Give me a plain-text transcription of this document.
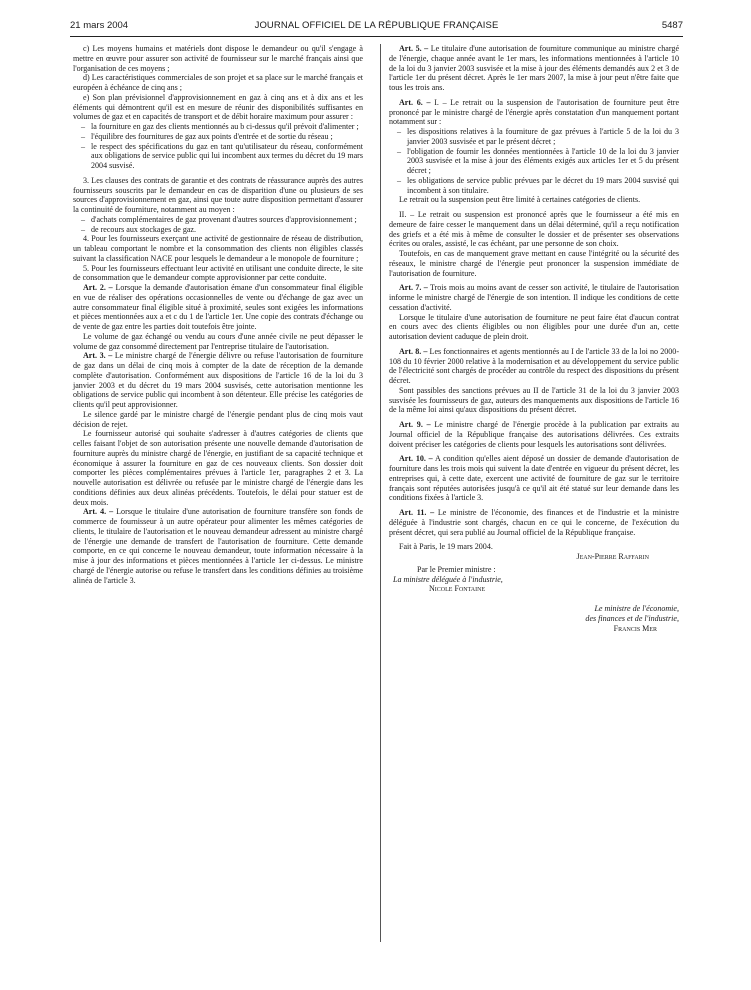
21 mars 2004	JOURNAL OFFICIEL DE LA RÉPUBLIQUE FRANÇAISE	5487

c) Les moyens humains et matériels dont dispose le demandeur ou qu'il s'engage à mettre en œuvre pour assurer son activité de fournisseur sur le marché français ainsi que l'organisation de ces moyens ;

d) Les caractéristiques commerciales de son projet et sa place sur le marché français et européen à échéance de cinq ans ;

e) Son plan prévisionnel d'approvisionnement en gaz à cinq ans et à dix ans et les éléments qui démontrent qu'il est en mesure de réunir des disponibilités suffisantes en volumes de gaz et en capacités de transport et de débit horaire maximum pour assurer :

– la fourniture en gaz des clients mentionnés au b ci-dessus qu'il prévoit d'alimenter ;

– l'équilibre des fournitures de gaz aux points d'entrée et de sortie du réseau ;

– le respect des spécifications du gaz en tant qu'utilisateur du réseau, conformément aux obligations de service public qui lui incombent aux termes du décret du 19 mars 2004 susvisé.

3. Les clauses des contrats de garantie et des contrats de réassurance auprès des autres fournisseurs souscrits par le demandeur en cas de disparition d'une ou plusieurs de ses sources d'approvisionnement en gaz, ainsi que toute autre disposition permettant d'assurer la continuité de fourniture, notamment au moyen :

– d'achats complémentaires de gaz provenant d'autres sources d'approvisionnement ;

– de recours aux stockages de gaz.

4. Pour les fournisseurs exerçant une activité de gestionnaire de réseau de distribution, un tableau comportant le nombre et la consommation des clients non éligibles classés suivant la classification NACE pour lesquels le demandeur a le monopole de fourniture ;

5. Pour les fournisseurs effectuant leur activité en utilisant une conduite directe, le site de consommation que le demandeur compte approvisionner par cette conduite.

Art. 2. – Lorsque la demande d'autorisation émane d'un consommateur final éligible en vue de réaliser des opérations occasionnelles de vente ou d'échange de gaz avec un autre consommateur final éligible situé à proximité, seules sont exigées les informations et pièces mentionnées aux a et c du 1 de l'article 1er. Une copie des contrats d'échange ou de vente de gaz entre les parties doit toutefois être jointe.

Le volume de gaz échangé ou vendu au cours d'une année civile ne peut dépasser le volume de gaz consommé directement par l'entreprise titulaire de l'autorisation.

Art. 3. – Le ministre chargé de l'énergie délivre ou refuse l'autorisation de fourniture de gaz dans un délai de cinq mois à compter de la date de réception de la demande complète d'autorisation. Conformément aux dispositions de l'article 16 de la loi du 3 janvier 2003 et du décret du 19 mars 2004 susvisés, cette autorisation mentionne les obligations de service public qui incombent à son détenteur. Elle précise les catégories de clients qu'il peut approvisionner.

Le silence gardé par le ministre chargé de l'énergie pendant plus de cinq mois vaut décision de rejet.

Le fournisseur autorisé qui souhaite s'adresser à d'autres catégories de clients que celles faisant l'objet de son autorisation présente une nouvelle demande d'autorisation de fourniture auprès du ministre chargé de l'énergie, en justifiant de sa capacité technique et économique à assurer la fourniture en gaz de ces nouveaux clients. Son dossier doit comporter les pièces complémentaires prévues à l'article 1er, paragraphes 2 et 3. La nouvelle autorisation est délivrée ou refusée par le ministre chargé de l'énergie dans les conditions définies aux deux alinéas précédents. Toutefois, le délai pour statuer est de deux mois.

Art. 4. – Lorsque le titulaire d'une autorisation de fourniture transfère son fonds de commerce de fournisseur à un autre opérateur pour alimenter les mêmes catégories de clients, le titulaire de l'autorisation et le nouveau demandeur adressent au ministre chargé de l'énergie une demande de transfert de l'autorisation de fourniture. Cette demande comporte, en ce qui concerne le nouveau demandeur, toute information nécessaire à la mise à jour des informations et pièces mentionnées à l'article 1er ci-dessus. Le ministre chargé de l'énergie autorise ou refuse le transfert dans les conditions définies au troisième alinéa de l'article 3.

Art. 5. – Le titulaire d'une autorisation de fourniture communique au ministre chargé de l'énergie, chaque année avant le 1er mars, les informations mentionnées à l'article 10 de la loi du 3 janvier 2003 susvisée et la mise à jour des éléments demandés aux 2 et 3 de l'article 1er du présent décret. Après le 1er mars 2007, la mise à jour peut n'être faite que tous les trois ans.

Art. 6. – I. – Le retrait ou la suspension de l'autorisation de fourniture peut être prononcé par le ministre chargé de l'énergie après constatation d'un manquement portant notamment sur :

– les dispositions relatives à la fourniture de gaz prévues à l'article 5 de la loi du 3 janvier 2003 susvisée et par le présent décret ;

– l'obligation de fournir les données mentionnées à l'article 10 de la loi du 3 janvier 2003 susvisée et la mise à jour des éléments exigés aux articles 1er et 5 du présent décret ;

– les obligations de service public prévues par le décret du 19 mars 2004 susvisé qui incombent à son titulaire.

Le retrait ou la suspension peut être limité à certaines catégories de clients.

II. – Le retrait ou suspension est prononcé après que le fournisseur a été mis en demeure de faire cesser le manquement dans un délai déterminé, qu'il a reçu notification des griefs et a été mis à même de consulter le dossier et de présenter ses observations écrites ou orales, assisté, le cas échéant, par une personne de son choix.

Toutefois, en cas de manquement grave mettant en cause l'intégrité ou la sécurité des réseaux, le ministre chargé de l'énergie peut prononcer la suspension immédiate de l'autorisation de fourniture.

Art. 7. – Trois mois au moins avant de cesser son activité, le titulaire de l'autorisation informe le ministre chargé de l'énergie de son intention. Il indique les conditions de cette cessation d'activité.

Lorsque le titulaire d'une autorisation de fourniture ne peut faire état d'aucun contrat en cours avec des clients éligibles ou non éligibles pour une durée d'un an, cette autorisation devient caduque de plein droit.

Art. 8. – Les fonctionnaires et agents mentionnés au I de l'article 33 de la loi no 2000-108 du 10 février 2000 relative à la modernisation et au développement du service public de l'électricité sont chargés de procéder au contrôle du respect des dispositions du présent décret.

Sont passibles des sanctions prévues au II de l'article 31 de la loi du 3 janvier 2003 susvisée les fournisseurs de gaz, auteurs des manquements aux dispositions de l'article 16 de la même loi ainsi qu'aux dispositions du présent décret.

Art. 9. – Le ministre chargé de l'énergie procède à la publication par extraits au Journal officiel de la République française des autorisations délivrées. Ces extraits doivent préciser les catégories de clients pour lesquels les autorisations sont délivrées.

Art. 10. – A condition qu'elles aient déposé un dossier de demande d'autorisation de fourniture dans les trois mois qui suivent la date d'entrée en vigueur du présent décret, les entreprises qui, à cette date, exercent une activité de fourniture de gaz sur le territoire français sont réputées autorisées jusqu'à ce qu'il ait été statué sur leur demande dans les conditions fixées à l'article 3.

Art. 11. – Le ministre de l'économie, des finances et de l'industrie et la ministre déléguée à l'industrie sont chargés, chacun en ce qui le concerne, de l'exécution du présent décret, qui sera publié au Journal officiel de la République française.

Fait à Paris, le 19 mars 2004.

Jean-Pierre Raffarin

Par le Premier ministre :

La ministre déléguée à l'industrie,

Nicole Fontaine

Le ministre de l'économie,

des finances et de l'industrie,

Francis Mer
